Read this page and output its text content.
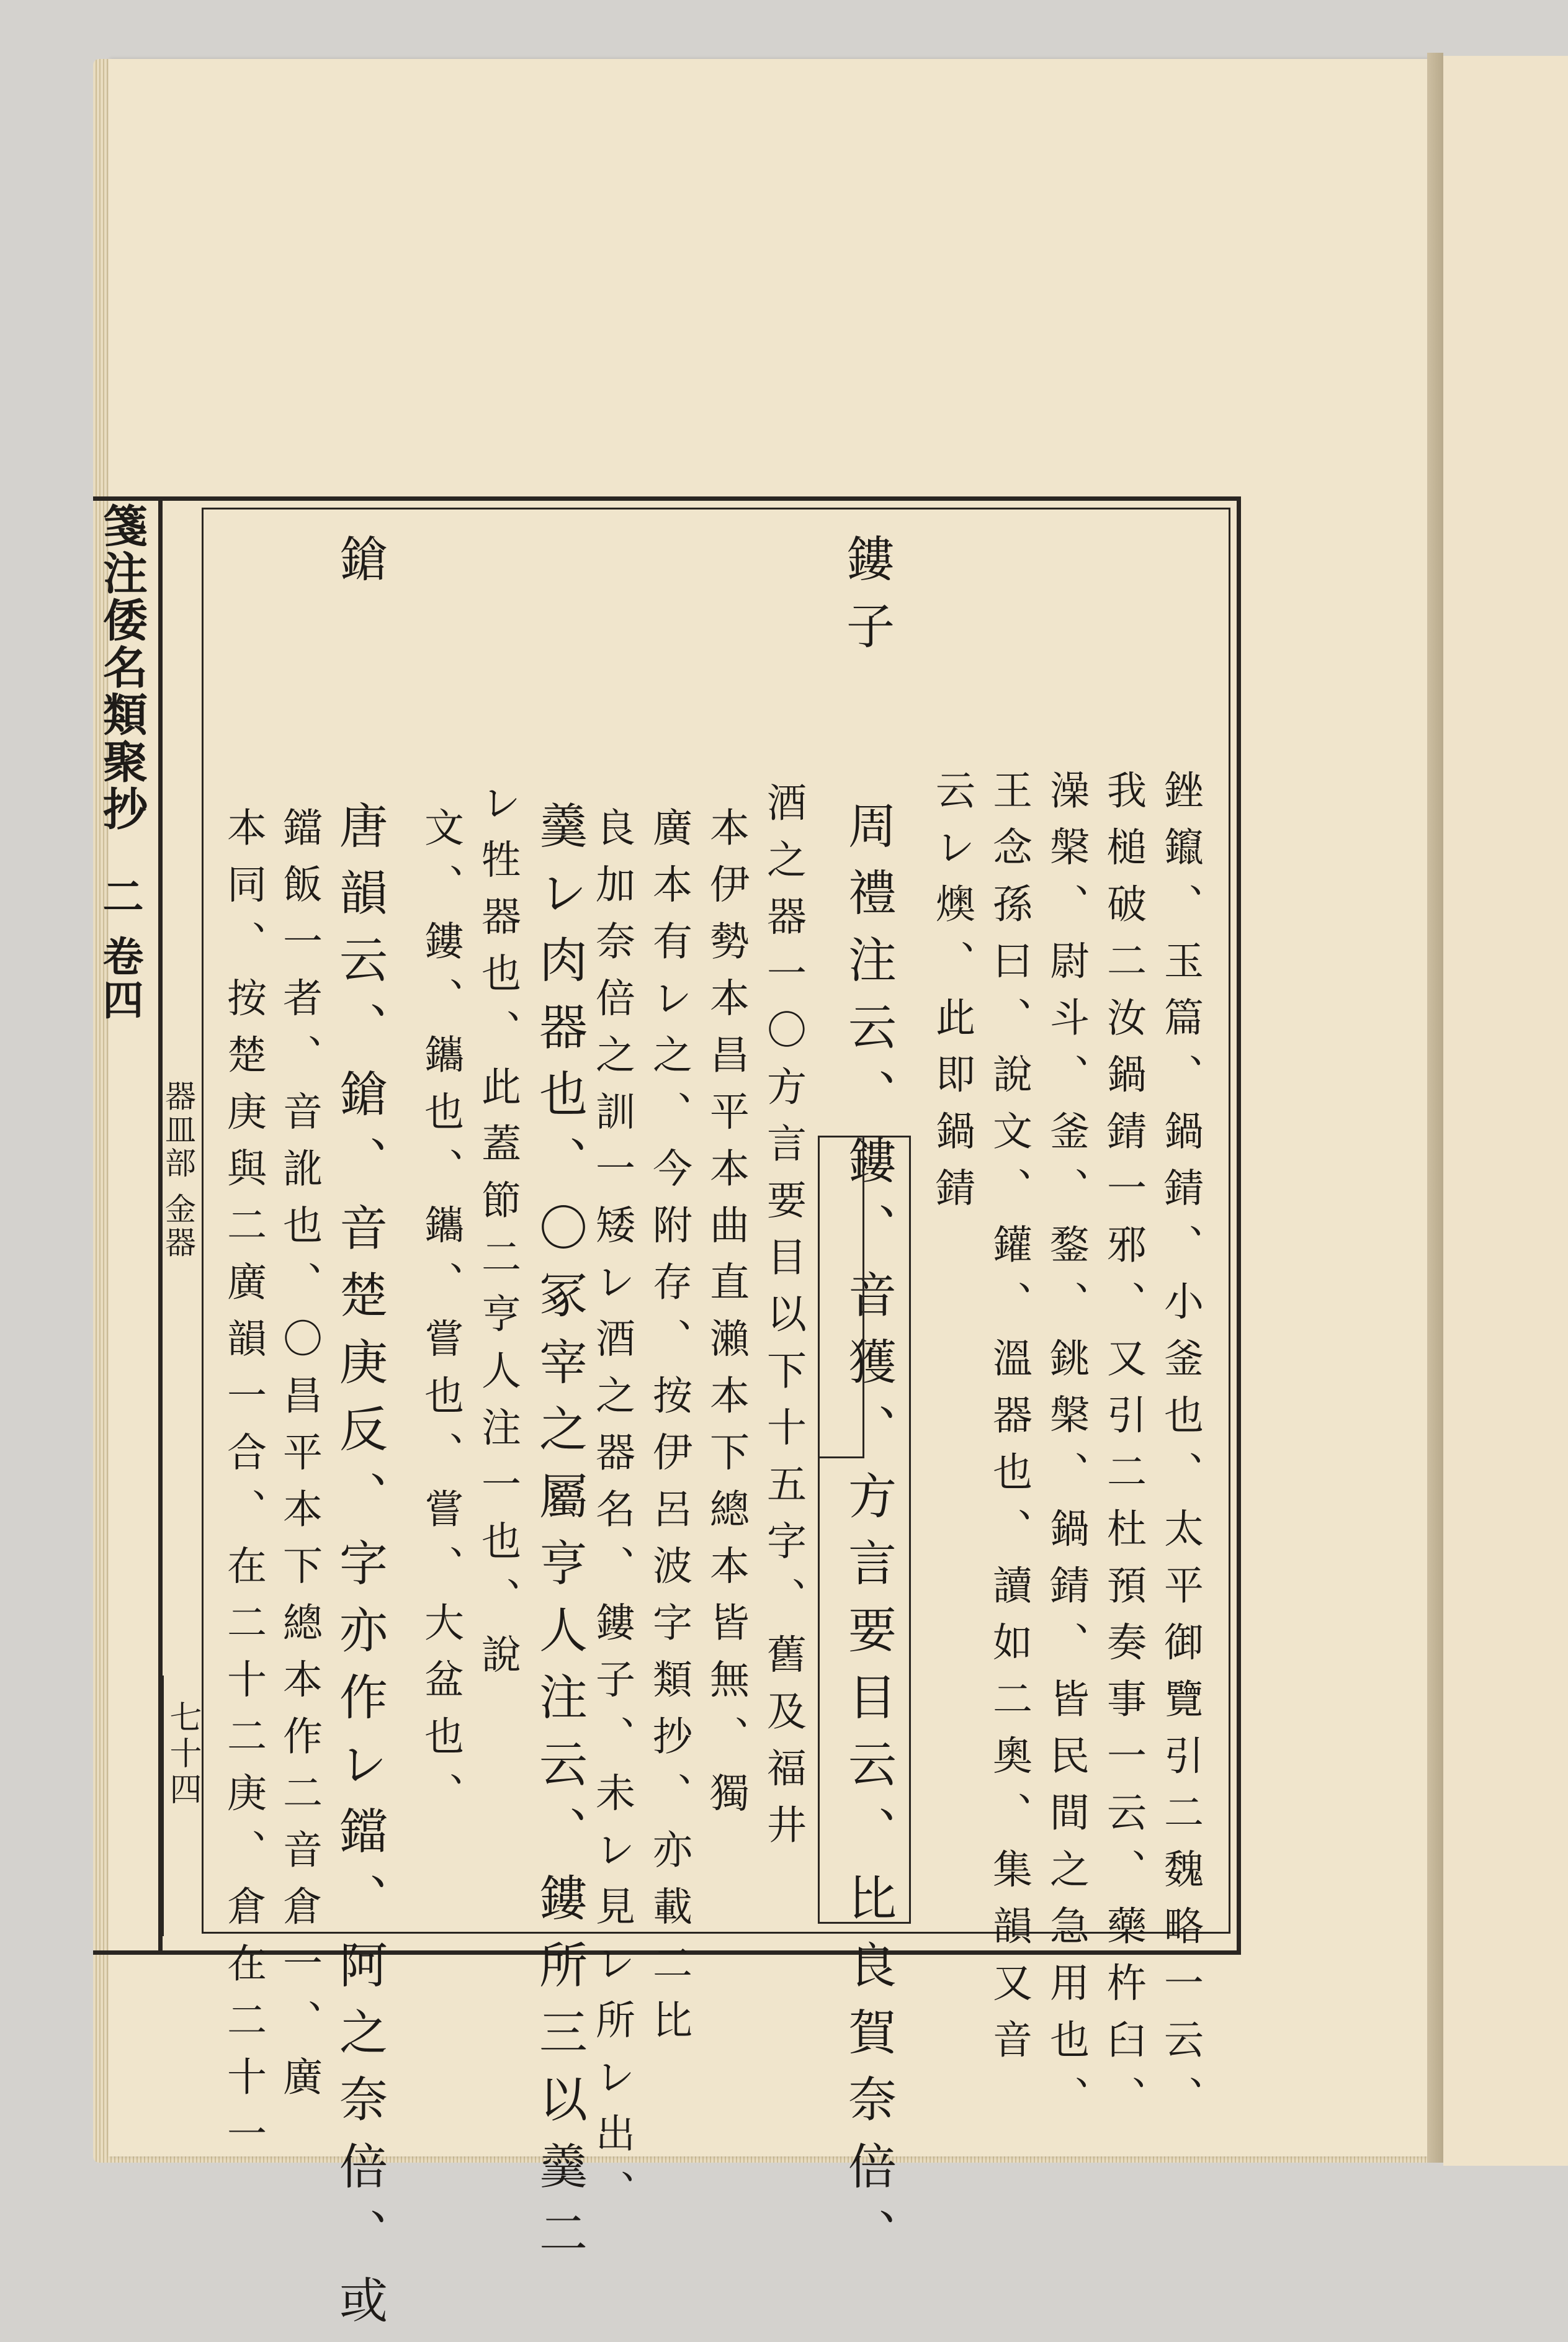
箋注倭名類聚抄
二 卷四
器皿部 金器
七十四
鏤子
鎗
銼鑹、玉篇、鍋錆、小釜也、太平御覽引二魏略一云、
我槌破二汝鍋錆一邪、又引二杜預奏事一云、藥杵臼、
澡槃、尉斗、釜、鍪、銚槃、鍋錆、皆民間之急用也、
王念孫曰、說文、鑵、溫器也、讀如二奧、集韻又音
云レ燠、此即鍋錆
周禮注云、鏤、音獲、方言要目云、比良賀奈倍、
酒之器一〇方言要目以下十五字、舊及福井
本伊勢本昌平本曲直瀨本下總本皆無、獨
廣本有レ之、今附存、按伊呂波字類抄、亦載二比
良加奈倍之訓一矮レ酒之器名、鏤子、未レ見レ所レ出、
羹レ肉器也、〇冢宰之屬亨人注云、鏤所三以羹二
レ牲器也、此蓋節二亨人注一也、說
文、鏤、鑴也、鑴、嘗也、嘗、大盆也、
唐韻云、鎗、音楚庚反、字亦作レ鐺、阿之奈倍、或
鐺飯一者、音訛也、〇昌平本下總本作二音倉一、廣
本同、按楚庚與二廣韻一合、在二十二庚、倉在二十一
